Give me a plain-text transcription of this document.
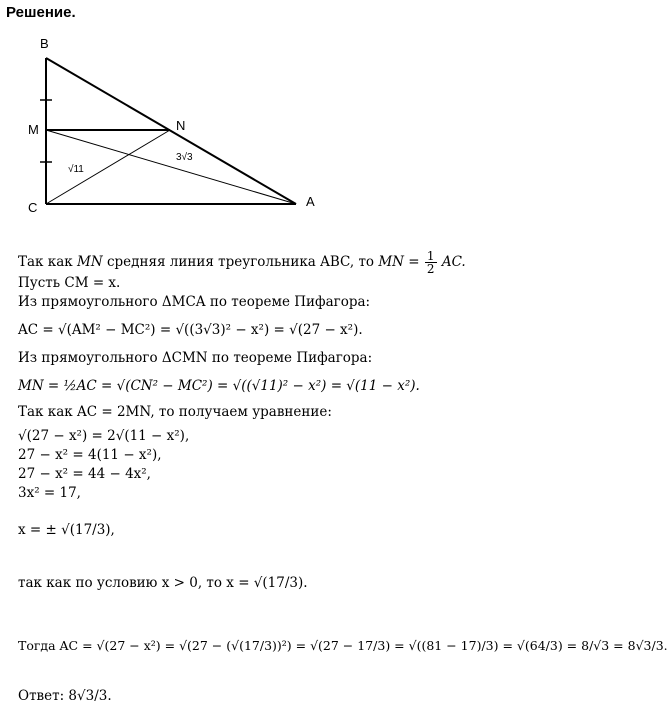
Решение.
B
M
C
N
A
√11
3√3
Так как MN средняя линия треугольника ABC, то MN = $\frac{1}{2}$ AC.
Пусть CM = x.
Из прямоугольного ΔMCA по теореме Пифагора:
AC = √(AM² − MC²) = √((3√3)² − x²) = √(27 − x²).
Из прямоугольного ΔCMN по теореме Пифагора:
MN = ½AC = √(CN² − MC²) = √((√11)² − x²) = √(11 − x²).
Так как AC = 2MN, то получаем уравнение:
√(27 − x²) = 2√(11 − x²),
27 − x² = 4(11 − x²),
27 − x² = 44 − 4x²,
3x² = 17,
x = ± √(17/3),
так как по условию x > 0, то x = √(17/3).
Тогда AC = √(27 − x²) = √(27 − (√(17/3))²) = √(27 − 17/3) = √((81 − 17)/3) = √(64/3) = 8/√3 = 8√3/3.
Ответ: 8√3/3.
